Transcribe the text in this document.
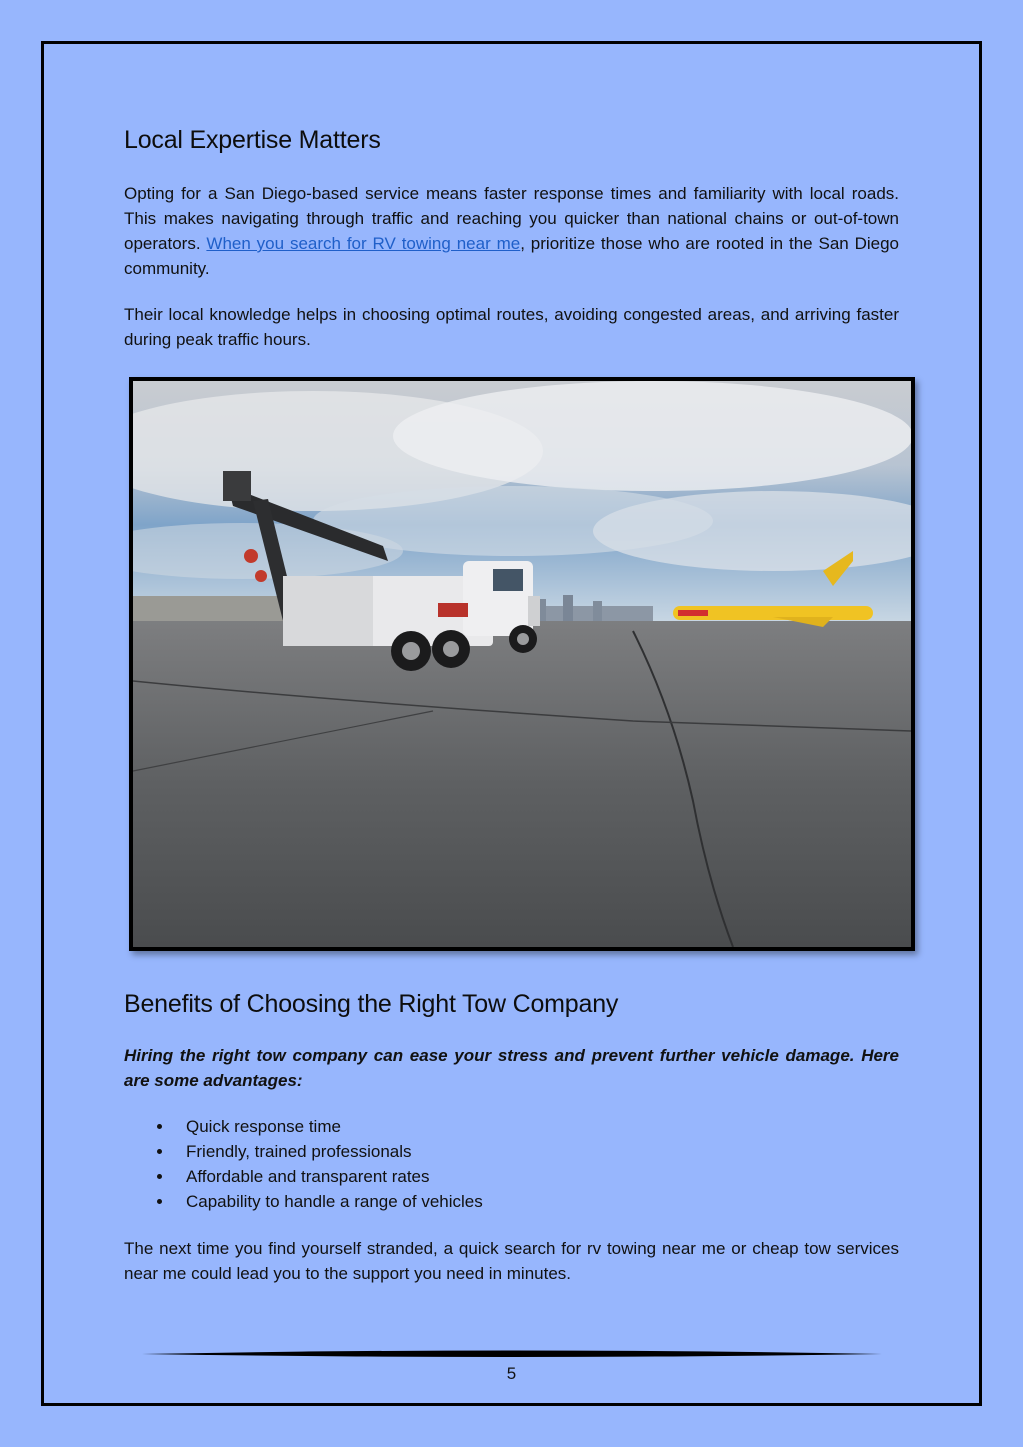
Local Expertise Matters

Opting for a San Diego-based service means faster response times and familiarity with local roads. This makes navigating through traffic and reaching you quicker than national chains or out-of-town operators. When you search for RV towing near me, prioritize those who are rooted in the San Diego community.

Their local knowledge helps in choosing optimal routes, avoiding congested areas, and arriving faster during peak traffic hours.

Benefits of Choosing the Right Tow Company

Hiring the right tow company can ease your stress and prevent further vehicle damage. Here are some advantages:

Quick response time
Friendly, trained professionals
Affordable and transparent rates
Capability to handle a range of vehicles

The next time you find yourself stranded, a quick search for rv towing near me or cheap tow services near me could lead you to the support you need in minutes.

5
